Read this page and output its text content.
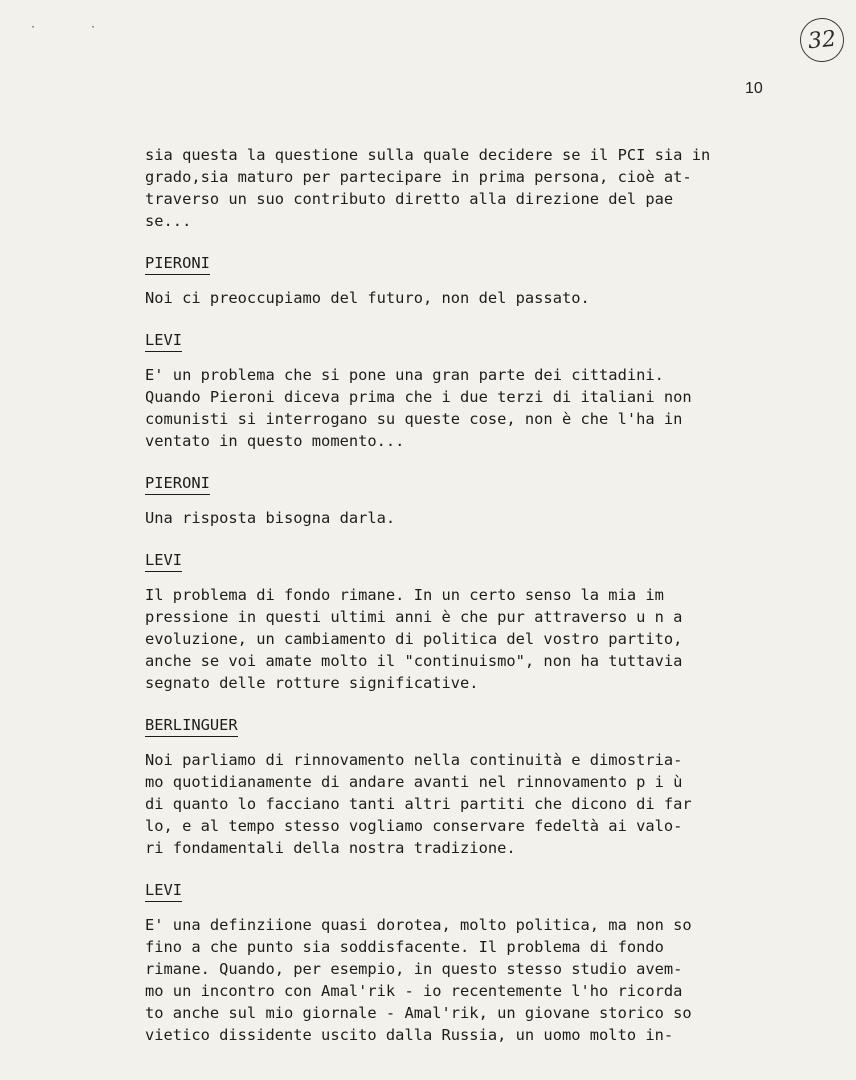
· ·	32
10
sia questa la questione sulla quale decidere se il PCI sia in
grado,sia maturo per partecipare in prima persona, cioè at-
traverso un suo contributo diretto alla direzione del pae
se...
PIERONI
Noi ci preoccupiamo del futuro, non del passato.
LEVI
E' un problema che si pone una gran parte dei cittadini.
Quando Pieroni diceva prima che i due terzi di italiani non
comunisti si interrogano su queste cose, non è che l'ha in
ventato in questo momento...
PIERONI
Una risposta bisogna darla.
LEVI
Il problema di fondo rimane. In un certo senso la mia im
pressione in questi ultimi anni è che pur attraverso u n a
evoluzione, un cambiamento di politica del vostro partito,
anche se voi amate molto il "continuismo", non ha tuttavia
segnato delle rotture significative.
BERLINGUER
Noi parliamo di rinnovamento nella continuità e dimostria-
mo quotidianamente di andare avanti nel rinnovamento p i ù
di quanto lo facciano tanti altri partiti che dicono di far
lo, e al tempo stesso vogliamo conservare fedeltà ai valo-
ri fondamentali della nostra tradizione.
LEVI
E' una definziione quasi dorotea, molto politica, ma non so
fino a che punto sia soddisfacente. Il problema di fondo
rimane. Quando, per esempio, in questo stesso studio avem-
mo un incontro con Amal'rik - io recentemente l'ho ricorda
to anche sul mio giornale - Amal'rik, un giovane storico so
vietico dissidente uscito dalla Russia, un uomo molto in-
